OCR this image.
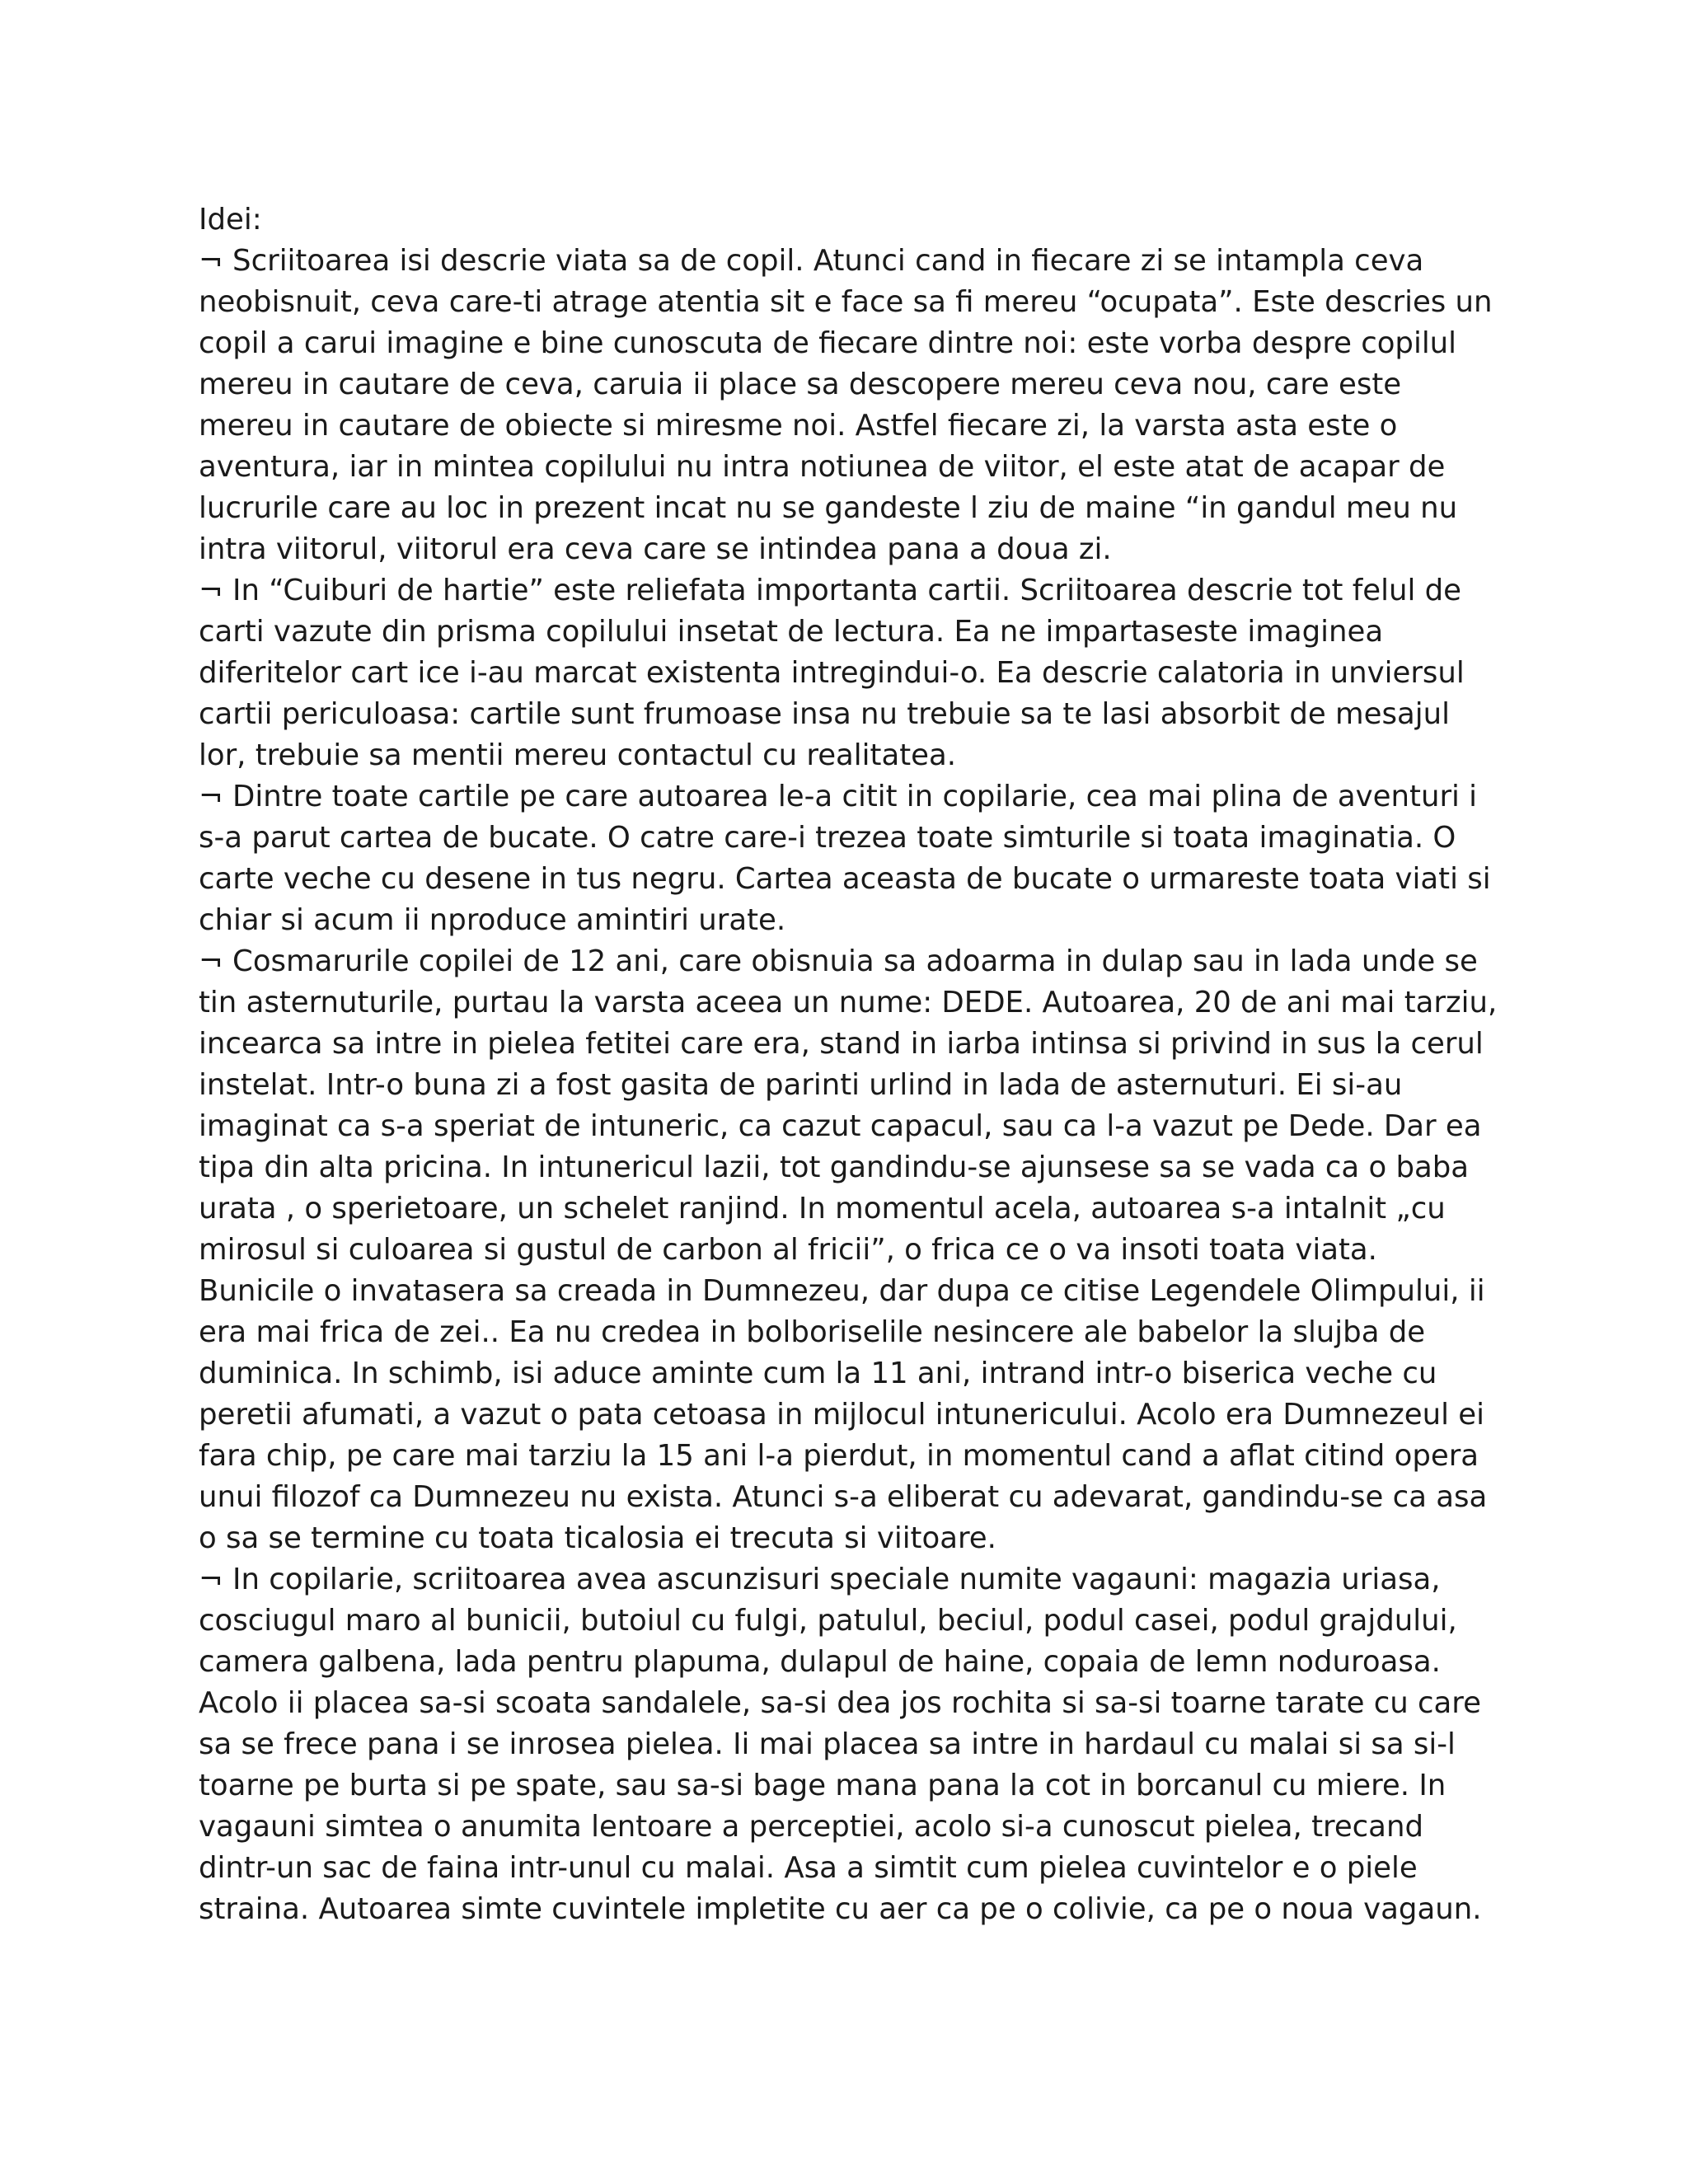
Idei:

¬ Scriitoarea isi descrie viata sa de copil. Atunci cand in fiecare zi se intampla ceva neobisnuit, ceva care-ti atrage atentia sit e face sa fi mereu “ocupata”. Este descries un copil a carui imagine e bine cunoscuta de fiecare dintre noi: este vorba despre copilul mereu in cautare de ceva, caruia ii place sa descopere mereu ceva nou, care este mereu in cautare de obiecte si miresme noi. Astfel fiecare zi, la varsta asta este o aventura, iar in mintea copilului nu intra notiunea de viitor, el este atat de acapar de lucrurile care au loc in prezent incat nu se gandeste l ziu de maine “in gandul meu nu intra viitorul, viitorul era ceva care se intindea pana a doua zi.

¬ In “Cuiburi de hartie” este reliefata importanta cartii. Scriitoarea descrie tot felul de carti vazute din prisma copilului insetat de lectura. Ea ne impartaseste imaginea diferitelor cart ice i-au marcat existenta intregindui-o. Ea descrie calatoria in unviersul cartii periculoasa: cartile sunt frumoase insa nu trebuie sa te lasi absorbit de mesajul lor, trebuie sa mentii mereu contactul cu realitatea.

¬ Dintre toate cartile pe care autoarea le-a citit in copilarie, cea mai plina de aventuri i s-a parut cartea de bucate. O catre care-i trezea toate simturile si toata imaginatia. O carte veche cu desene in tus negru. Cartea aceasta de bucate o urmareste toata viati si chiar si acum ii nproduce amintiri urate.

¬ Cosmarurile copilei de 12 ani, care obisnuia sa adoarma in dulap sau in lada unde se tin asternuturile, purtau la varsta aceea un nume: DEDE. Autoarea, 20 de ani mai tarziu, incearca sa intre in pielea fetitei care era, stand in iarba intinsa si privind in sus la cerul instelat. Intr-o buna zi a fost gasita de parinti urlind in lada de asternuturi. Ei si-au imaginat ca s-a speriat de intuneric, ca cazut capacul, sau ca l-a vazut pe Dede. Dar ea tipa din alta pricina. In intunericul lazii, tot gandindu-se ajunsese sa se vada ca o baba urata , o sperietoare, un schelet ranjind. In momentul acela, autoarea s-a intalnit „cu mirosul si culoarea si gustul de carbon al fricii”, o frica ce o va insoti toata viata. Bunicile o invatasera sa creada in Dumnezeu, dar dupa ce citise Legendele Olimpului, ii era mai frica de zei.. Ea nu credea in bolboriselile nesincere ale babelor la slujba de duminica. In schimb, isi aduce aminte cum la 11 ani, intrand intr-o biserica veche cu peretii afumati, a vazut o pata cetoasa in mijlocul intunericului. Acolo era Dumnezeul ei fara chip, pe care mai tarziu la 15 ani l-a pierdut, in momentul cand a aflat citind opera unui filozof ca Dumnezeu nu exista. Atunci s-a eliberat cu adevarat, gandindu-se ca asa o sa se termine cu toata ticalosia ei trecuta si viitoare.

¬ In copilarie, scriitoarea avea ascunzisuri speciale numite vagauni: magazia uriasa, cosciugul maro al bunicii, butoiul cu fulgi, patulul, beciul, podul casei, podul grajdului, camera galbena, lada pentru plapuma, dulapul de haine, copaia de lemn noduroasa. Acolo ii placea sa-si scoata sandalele, sa-si dea jos rochita si sa-si toarne tarate cu care sa se frece pana i se inrosea pielea. Ii mai placea sa intre in hardaul cu malai si sa si-l toarne pe burta si pe spate, sau sa-si bage mana pana la cot in borcanul cu miere. In vagauni simtea o anumita lentoare a perceptiei, acolo si-a cunoscut pielea, trecand dintr-un sac de faina intr-unul cu malai. Asa a simtit cum pielea cuvintelor e o piele straina. Autoarea simte cuvintele impletite cu aer ca pe o colivie, ca pe o noua vagaun.
